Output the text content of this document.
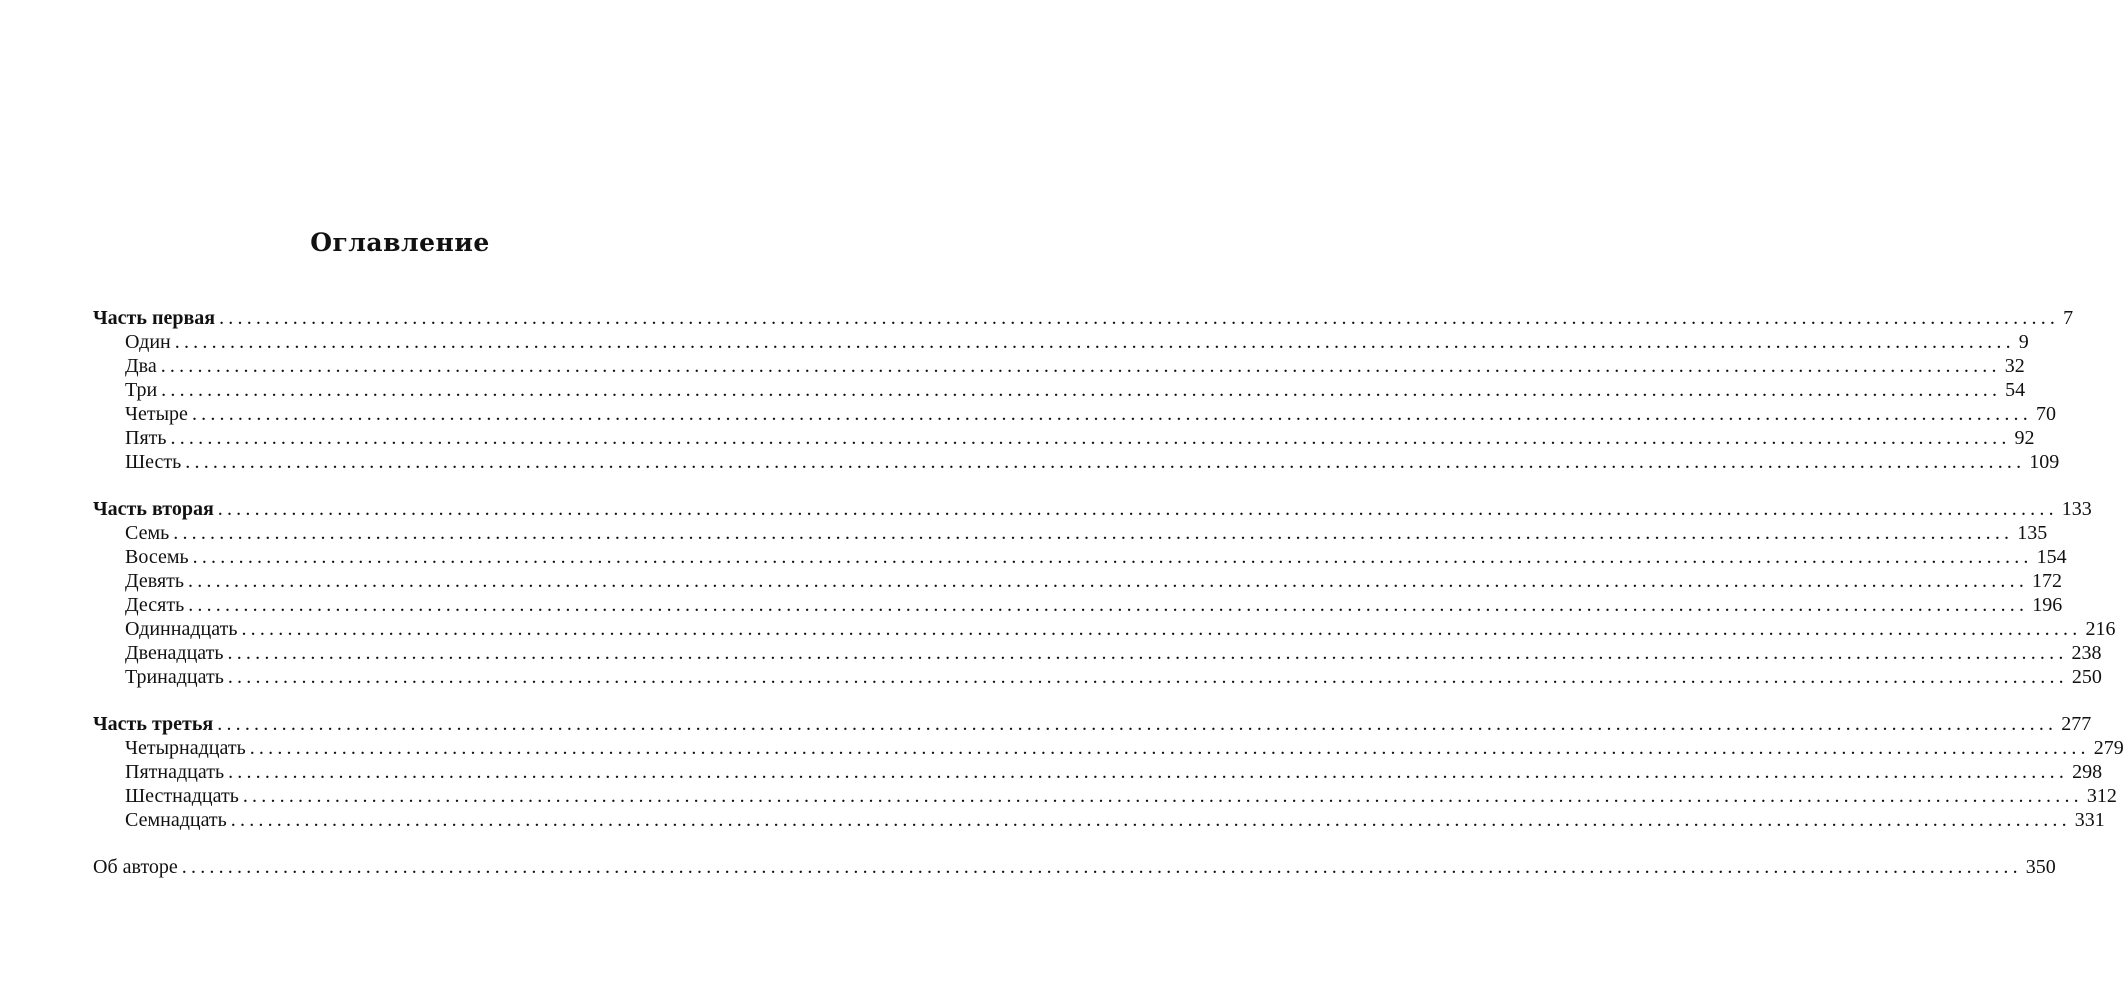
Оглавление
Часть первая ........................................................................................................................................................................................................ 7
Один ........................................................................................................................................................................................................ 9
Два ........................................................................................................................................................................................................ 32
Три ........................................................................................................................................................................................................ 54
Четыре ........................................................................................................................................................................................................ 70
Пять ........................................................................................................................................................................................................ 92
Шесть ........................................................................................................................................................................................................ 109
Часть вторая ........................................................................................................................................................................................................ 133
Семь ........................................................................................................................................................................................................ 135
Восемь ........................................................................................................................................................................................................ 154
Девять ........................................................................................................................................................................................................ 172
Десять ........................................................................................................................................................................................................ 196
Одиннадцать ........................................................................................................................................................................................................ 216
Двенадцать ........................................................................................................................................................................................................ 238
Тринадцать ........................................................................................................................................................................................................ 250
Часть третья ........................................................................................................................................................................................................ 277
Четырнадцать ........................................................................................................................................................................................................ 279
Пятнадцать ........................................................................................................................................................................................................ 298
Шестнадцать ........................................................................................................................................................................................................ 312
Семнадцать ........................................................................................................................................................................................................ 331
Об авторе ........................................................................................................................................................................................................ 350
